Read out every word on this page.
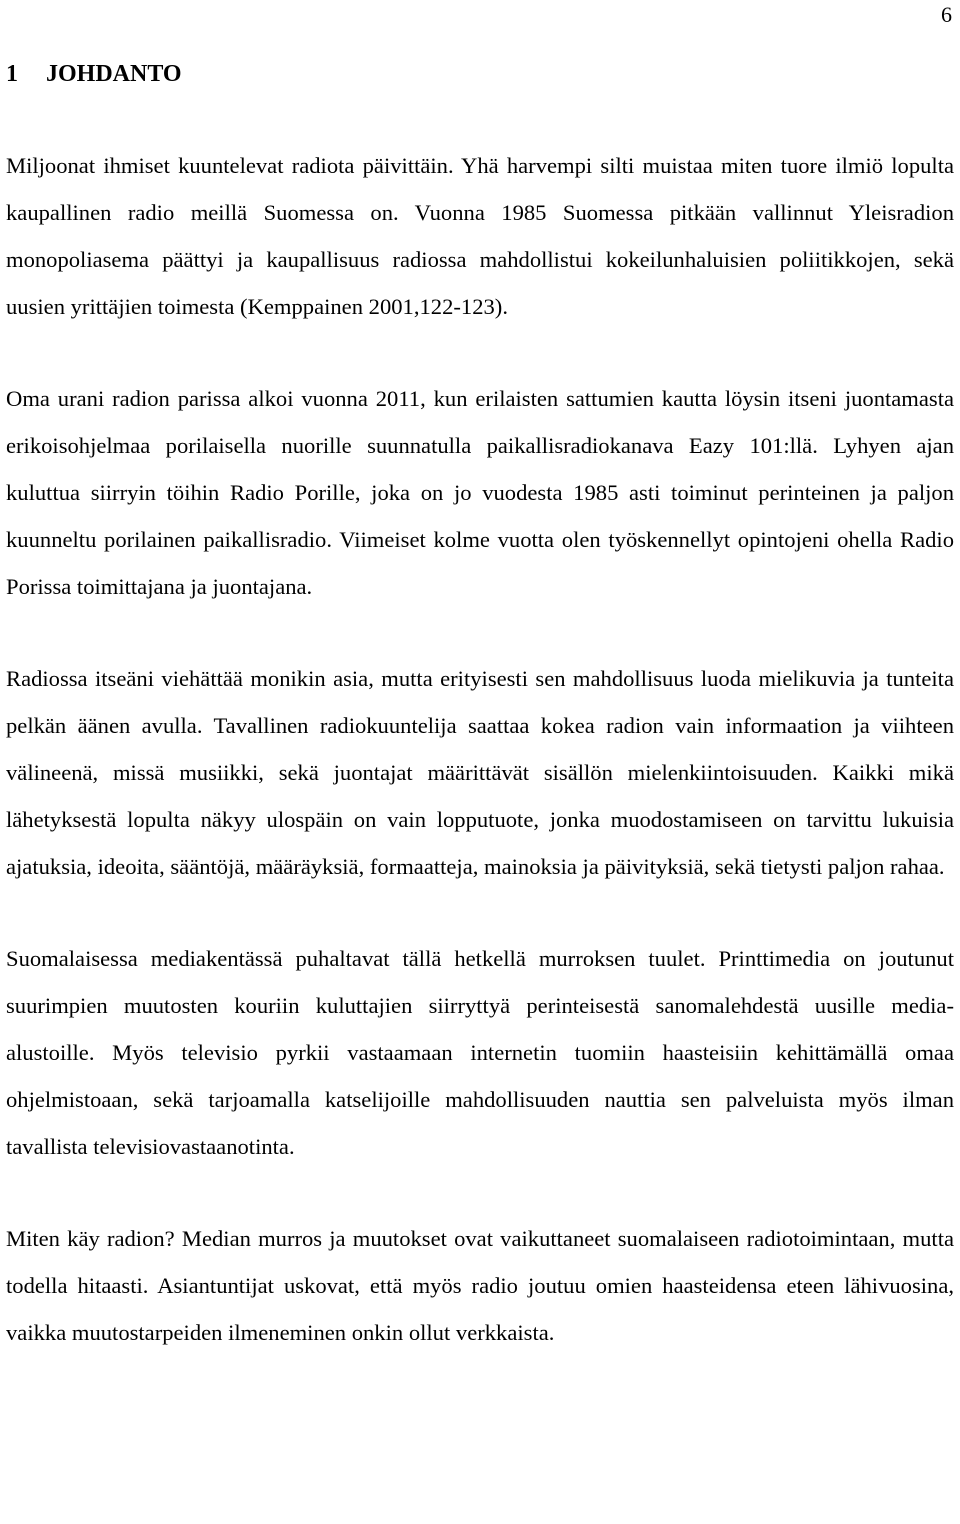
6
1 JOHDANTO

Miljoonat ihmiset kuuntelevat radiota päivittäin. Yhä harvempi silti muistaa miten tuore ilmiö lopulta kaupallinen radio meillä Suomessa on. Vuonna 1985 Suomessa pitkään vallinnut Yleisradion monopoliasema päättyi ja kaupallisuus radiossa mahdollistui kokeilunhaluisien poliitikkojen, sekä uusien yrittäjien toimesta (Kemppainen 2001,122-123).

Oma urani radion parissa alkoi vuonna 2011, kun erilaisten sattumien kautta löysin itseni juontamasta erikoisohjelmaa porilaisella nuorille suunnatulla paikallisradiokanava Eazy 101:llä. Lyhyen ajan kuluttua siirryin töihin Radio Porille, joka on jo vuodesta 1985 asti toiminut perinteinen ja paljon kuunneltu porilainen paikallisradio. Viimeiset kolme vuotta olen työskennellyt opintojeni ohella Radio Porissa toimittajana ja juontajana.

Radiossa itseäni viehättää monikin asia, mutta erityisesti sen mahdollisuus luoda mielikuvia ja tunteita pelkän äänen avulla. Tavallinen radiokuuntelija saattaa kokea radion vain informaation ja viihteen välineenä, missä musiikki, sekä juontajat määrittävät sisällön mielenkiintoisuuden. Kaikki mikä lähetyksestä lopulta näkyy ulospäin on vain lopputuote, jonka muodostamiseen on tarvittu lukuisia ajatuksia, ideoita, sääntöjä, määräyksiä, formaatteja, mainoksia ja päivityksiä, sekä tietysti paljon rahaa.

Suomalaisessa mediakentässä puhaltavat tällä hetkellä murroksen tuulet. Printtimedia on joutunut suurimpien muutosten kouriin kuluttajien siirryttyä perinteisestä sanomalehdestä uusille media-alustoille. Myös televisio pyrkii vastaamaan internetin tuomiin haasteisiin kehittämällä omaa ohjelmistoaan, sekä tarjoamalla katselijoille mahdollisuuden nauttia sen palveluista myös ilman tavallista televisiovastaanotinta.

Miten käy radion? Median murros ja muutokset ovat vaikuttaneet suomalaiseen radiotoimintaan, mutta todella hitaasti. Asiantuntijat uskovat, että myös radio joutuu omien haasteidensa eteen lähivuosina, vaikka muutostarpeiden ilmeneminen onkin ollut verkkaista.
